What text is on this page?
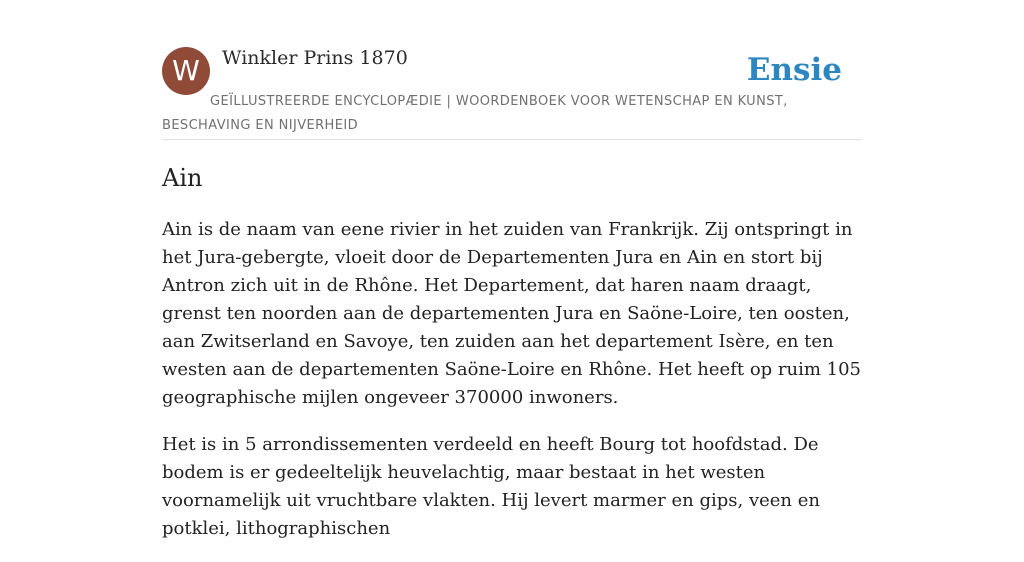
W	Winkler Prins 1870	Ensie
GEÏLLUSTREERDE ENCYCLOPÆDIE | WOORDENBOEK VOOR WETENSCHAP EN KUNST, BESCHAVING EN NIJVERHEID
Ain

Ain is de naam van eene rivier in het zuiden van Frankrijk. Zij ontspringt in het Jura-gebergte, vloeit door de Departementen Jura en Ain en stort bij Antron zich uit in de Rhône. Het Departement, dat haren naam draagt, grenst ten noorden aan de departementen Jura en Saöne-Loire, ten oosten, aan Zwitserland en Savoye, ten zuiden aan het departement Isère, en ten westen aan de departementen Saöne-Loire en Rhône. Het heeft op ruim 105 geographische mijlen ongeveer 370000 inwoners.

Het is in 5 arrondissementen verdeeld en heeft Bourg tot hoofdstad. De bodem is er gedeeltelijk heuvelachtig, maar bestaat in het westen voornamelijk uit vruchtbare vlakten. Hij levert marmer en gips, veen en potklei, lithographischen
